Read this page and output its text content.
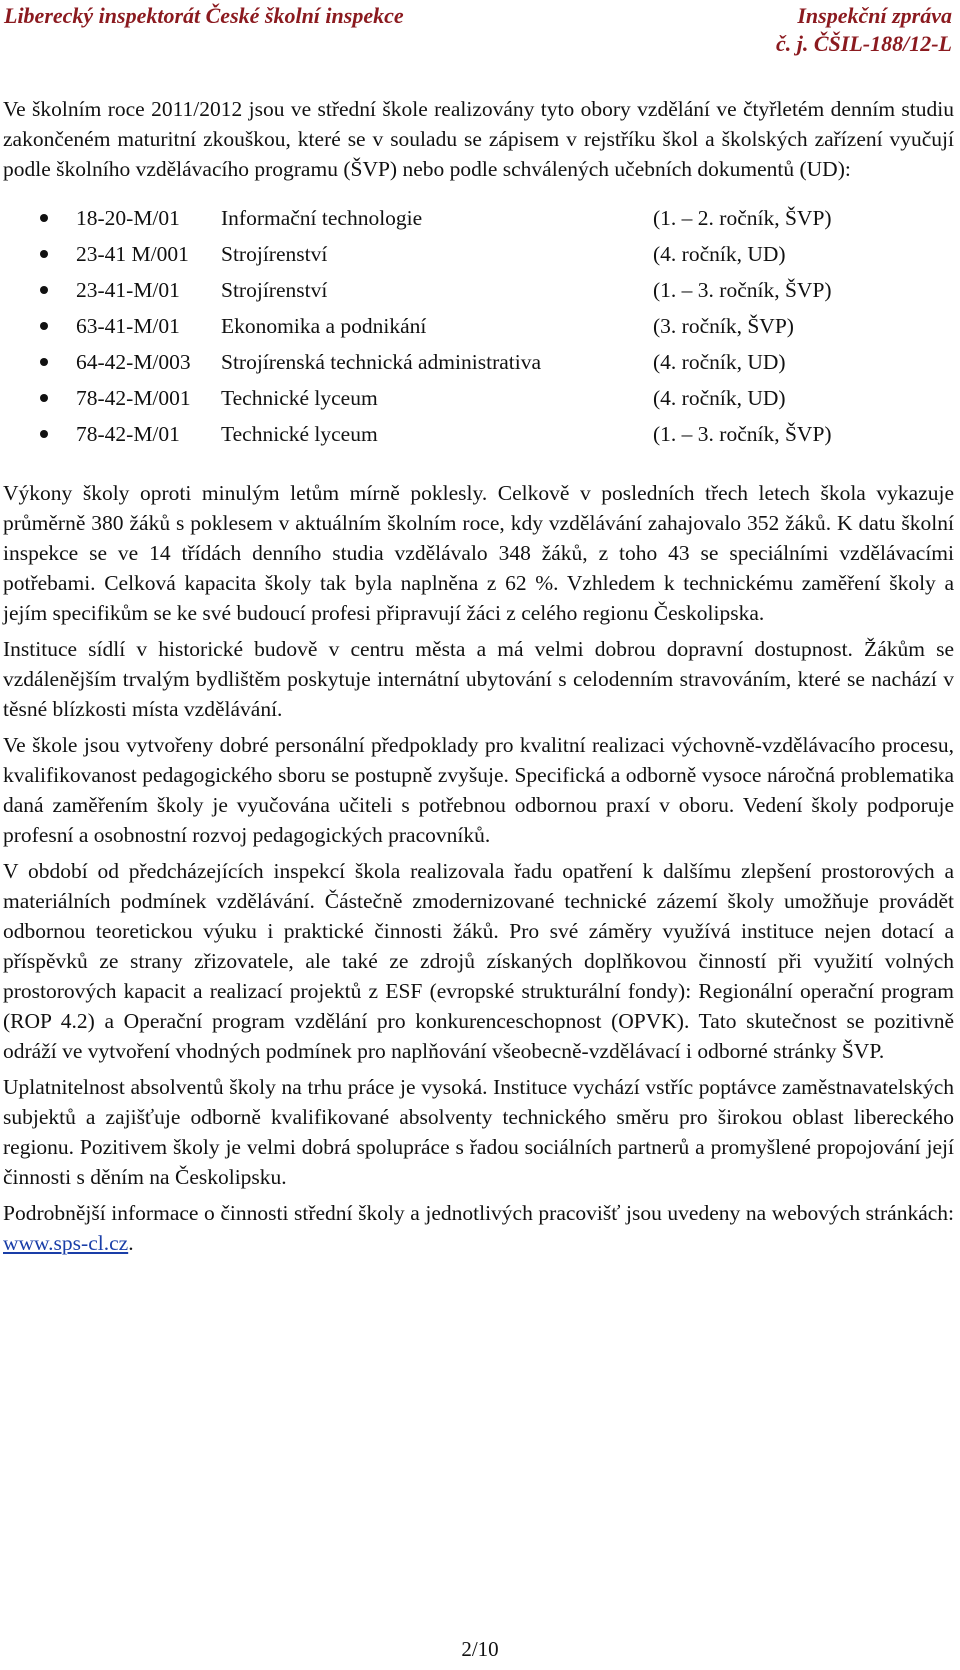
Liberecký inspektorát České školní inspekce	Inspekční zpráva
č. j. ČŠIL-188/12-L

Ve školním roce 2011/2012 jsou ve střední škole realizovány tyto obory vzdělání ve čtyřletém denním studiu zakončeném maturitní zkouškou, které se v souladu se zápisem v rejstříku škol a školských zařízení vyučují podle školního vzdělávacího programu (ŠVP) nebo podle schválených učebních dokumentů (UD):

18-20-M/01 Informační technologie	(1. – 2. ročník, ŠVP)
23-41 M/001 Strojírenství	(4. ročník, UD)
23-41-M/01 Strojírenství	(1. – 3. ročník, ŠVP)
63-41-M/01 Ekonomika a podnikání	(3. ročník, ŠVP)
64-42-M/003 Strojírenská technická administrativa	(4. ročník, UD)
78-42-M/001 Technické lyceum	(4. ročník, UD)
78-42-M/01 Technické lyceum	(1. – 3. ročník, ŠVP)

Výkony školy oproti minulým letům mírně poklesly. Celkově v posledních třech letech škola vykazuje průměrně 380 žáků s poklesem v aktuálním školním roce, kdy vzdělávání zahajovalo 352 žáků. K datu školní inspekce se ve 14 třídách denního studia vzdělávalo 348 žáků, z toho 43 se speciálními vzdělávacími potřebami. Celková kapacita školy tak byla naplněna z 62 %. Vzhledem k technickému zaměření školy a jejím specifikům se ke své budoucí profesi připravují žáci z celého regionu Českolipska.

Instituce sídlí v historické budově v centru města a má velmi dobrou dopravní dostupnost. Žákům se vzdálenějším trvalým bydlištěm poskytuje internátní ubytování s celodenním stravováním, které se nachází v těsné blízkosti místa vzdělávání.

Ve škole jsou vytvořeny dobré personální předpoklady pro kvalitní realizaci výchovně-vzdělávacího procesu, kvalifikovanost pedagogického sboru se postupně zvyšuje. Specifická a odborně vysoce náročná problematika daná zaměřením školy je vyučována učiteli s potřebnou odbornou praxí v oboru. Vedení školy podporuje profesní a osobnostní rozvoj pedagogických pracovníků.

V období od předcházejících inspekcí škola realizovala řadu opatření k dalšímu zlepšení prostorových a materiálních podmínek vzdělávání. Částečně zmodernizované technické zázemí školy umožňuje provádět odbornou teoretickou výuku i praktické činnosti žáků. Pro své záměry využívá instituce nejen dotací a příspěvků ze strany zřizovatele, ale také ze zdrojů získaných doplňkovou činností při využití volných prostorových kapacit a realizací projektů z ESF (evropské strukturální fondy): Regionální operační program (ROP 4.2) a Operační program vzdělání pro konkurenceschopnost (OPVK). Tato skutečnost se pozitivně odráží ve vytvoření vhodných podmínek pro naplňování všeobecně-vzdělávací i odborné stránky ŠVP.

Uplatnitelnost absolventů školy na trhu práce je vysoká. Instituce vychází vstříc poptávce zaměstnavatelských subjektů a zajišťuje odborně kvalifikované absolventy technického směru pro širokou oblast libereckého regionu. Pozitivem školy je velmi dobrá spolupráce s řadou sociálních partnerů a promyšlené propojování její činnosti s děním na Českolipsku.

Podrobnější informace o činnosti střední školy a jednotlivých pracovišť jsou uvedeny na webových stránkách: www.sps-cl.cz.

2/10
